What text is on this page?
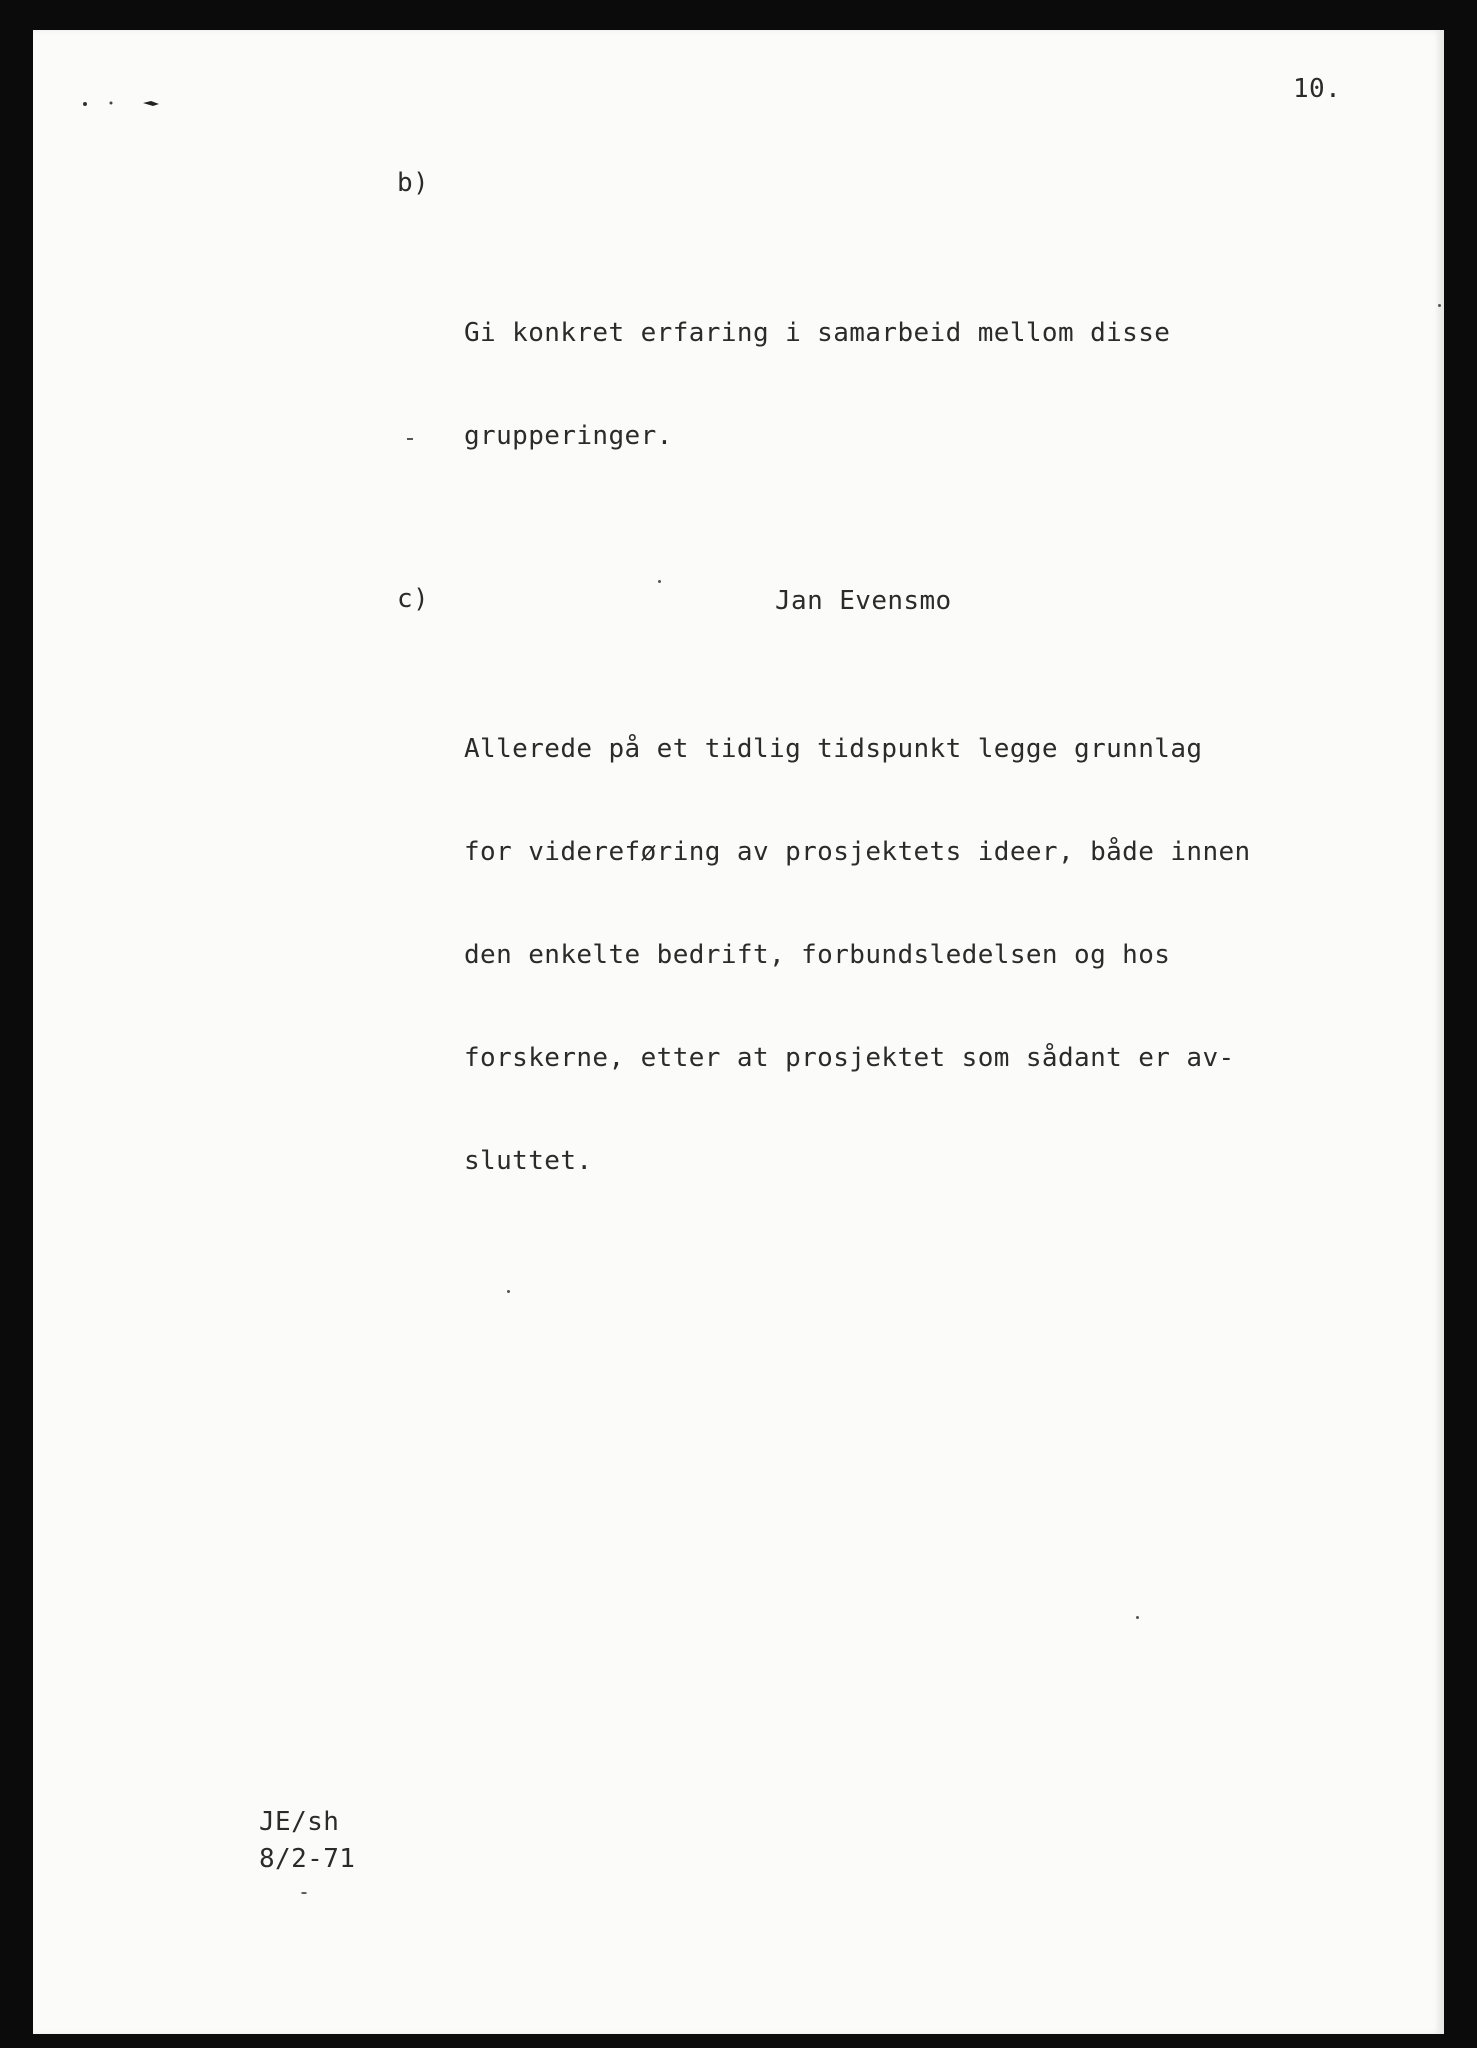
10.

b)

Gi konkret erfaring i samarbeid mellom disse

grupperinger.

c)

Allerede på et tidlig tidspunkt legge grunnlag

for videreføring av prosjektets ideer, både innen

den enkelte bedrift, forbundsledelsen og hos

forskerne, etter at prosjektet som sådant er av-

sluttet.

Jan Evensmo
JE/sh
8/2-71
